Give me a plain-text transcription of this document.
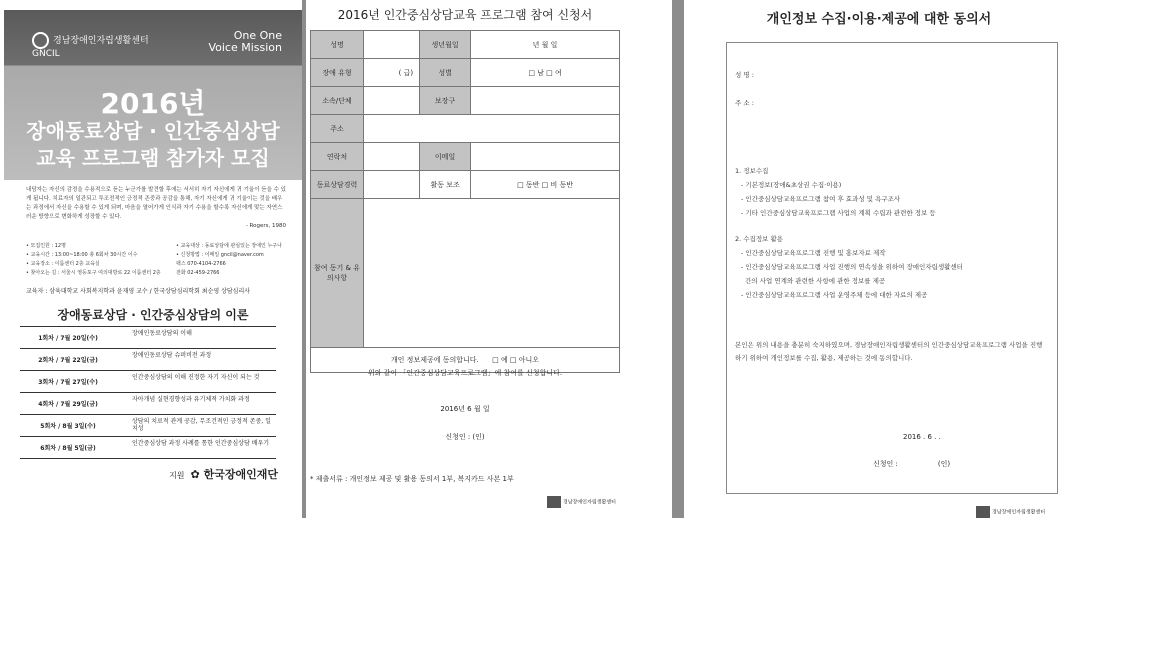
경남장애인자립생활센터
GNCIL
One One
Voice Mission
2016년
장애동료상담 · 인간중심상담
교육 프로그램 참가자 모집
내담자는 자신의 감정을 수용적으로 듣는 누군가를 발견할 후에는 서서히 자기 자신에게 귀 기울이 듣을 수 있게 됩니다. 치료자의 일관되고 투조전적인 긍정적 존중과 공감을 통해, 자기 자신에게 귀 기울이는 것을 배우는 과정에서 자신을 수용할 수 있게 되며, 마음을 열어가게 인식과 자기 수용을 할수록 자신에게 맞는 자연스러운 방향으로 변화하게 성장할 수 있다.
- Rogers, 1980
• 모집인원 : 12명
• 교육시간 : 13:00~18:00 총 6회차 30시간 이수
• 교육장소 : 이룸센터 2층 교육실
• 찾아오는 길 : 서울시 영등포구 여의대방로 22 이룸센터 2층
• 교육대상 : 동료상담에 관심있는 장애인 누구나
• 신청방법 : 이메일 gncil@naver.com
팩스 070-4104-2766
전화 02-459-2766
교육자 : 삼육대학교 사회복지학과 윤재영 교수 / 한국상담심리학회 최순영 상담심리사
장애동료상담 · 인간중심상담의 이론
1회차 / 7월 20일(수)
장애인동료상담의 이해
2회차 / 7월 22일(금)
장애인동료상담 슈퍼비전 과정
3회차 / 7월 27일(수)
인간중심상담의 이해 진정한 자기 자신이 되는 것
4회차 / 7월 29일(금)
자아개념 실현경향성과 유기체적 가치화 과정
5회차 / 8월 3일(수)
상담의 치료적 관계 공감, 무조건적인 긍정적 존중, 일치성
6회차 / 8월 5일(금)
인간중심상담 과정 사례를 통한 인간중심상담 배우기
지원 ✿ 한국장애인재단
2016년 인간중심상담교육 프로그램 참여 신청서
성명		생년월일	년 월 일
장애 유형	( 급)	성별	□ 남 □ 여
소속/단체		보장구	
주소			
연락처		이메일	
동료상담경력		활동 보조	□ 동반 □ 비 동반
참여 동기 & 유의사항			
개인 정보제공에 동의합니다. □ 예 □ 아니오			
위와 같이 「인간중심상담교육프로그램」에 참여를 신청합니다.
2016년 6 월 일
신청인 : (인)
* 제출서류 : 개인정보 제공 및 활용 동의서 1부, 복지카드 사본 1부
경남장애인자립생활센터
개인정보 수집·이용·제공에 대한 동의서
성 명 :
주 소 :
1. 정보수집
- 기본정보(장애&초상권 수집·이용)
- 인간중심상담교육프로그램 참여 후 효과성 및 욕구조사
- 기타 인간중심상담교육프로그램 사업의 계획 수립과 관련한 정보 등
2. 수집정보 활용
- 인간중심상담교육프로그램 진행 및 홍보자료 제작
- 인간중심상담교육프로그램 사업 진행의 연속성을 위하여 장애인자립생활센터
간의 사업 연계와 관련한 사항에 관한 정보를 제공
- 인간중심상담교육프로그램 사업 운영주체 등에 대한 자료의 제공
본인은 위의 내용을 충분히 숙지하였으며, 경남장애인자립생활센터의 인간중심상담교육프로그램 사업을 진행하기 위하여 개인정보를 수집, 활용, 제공하는 것에 동의합니다.
2016 . 6 . .
신청인 :                  (인)
경남장애인자립생활센터
